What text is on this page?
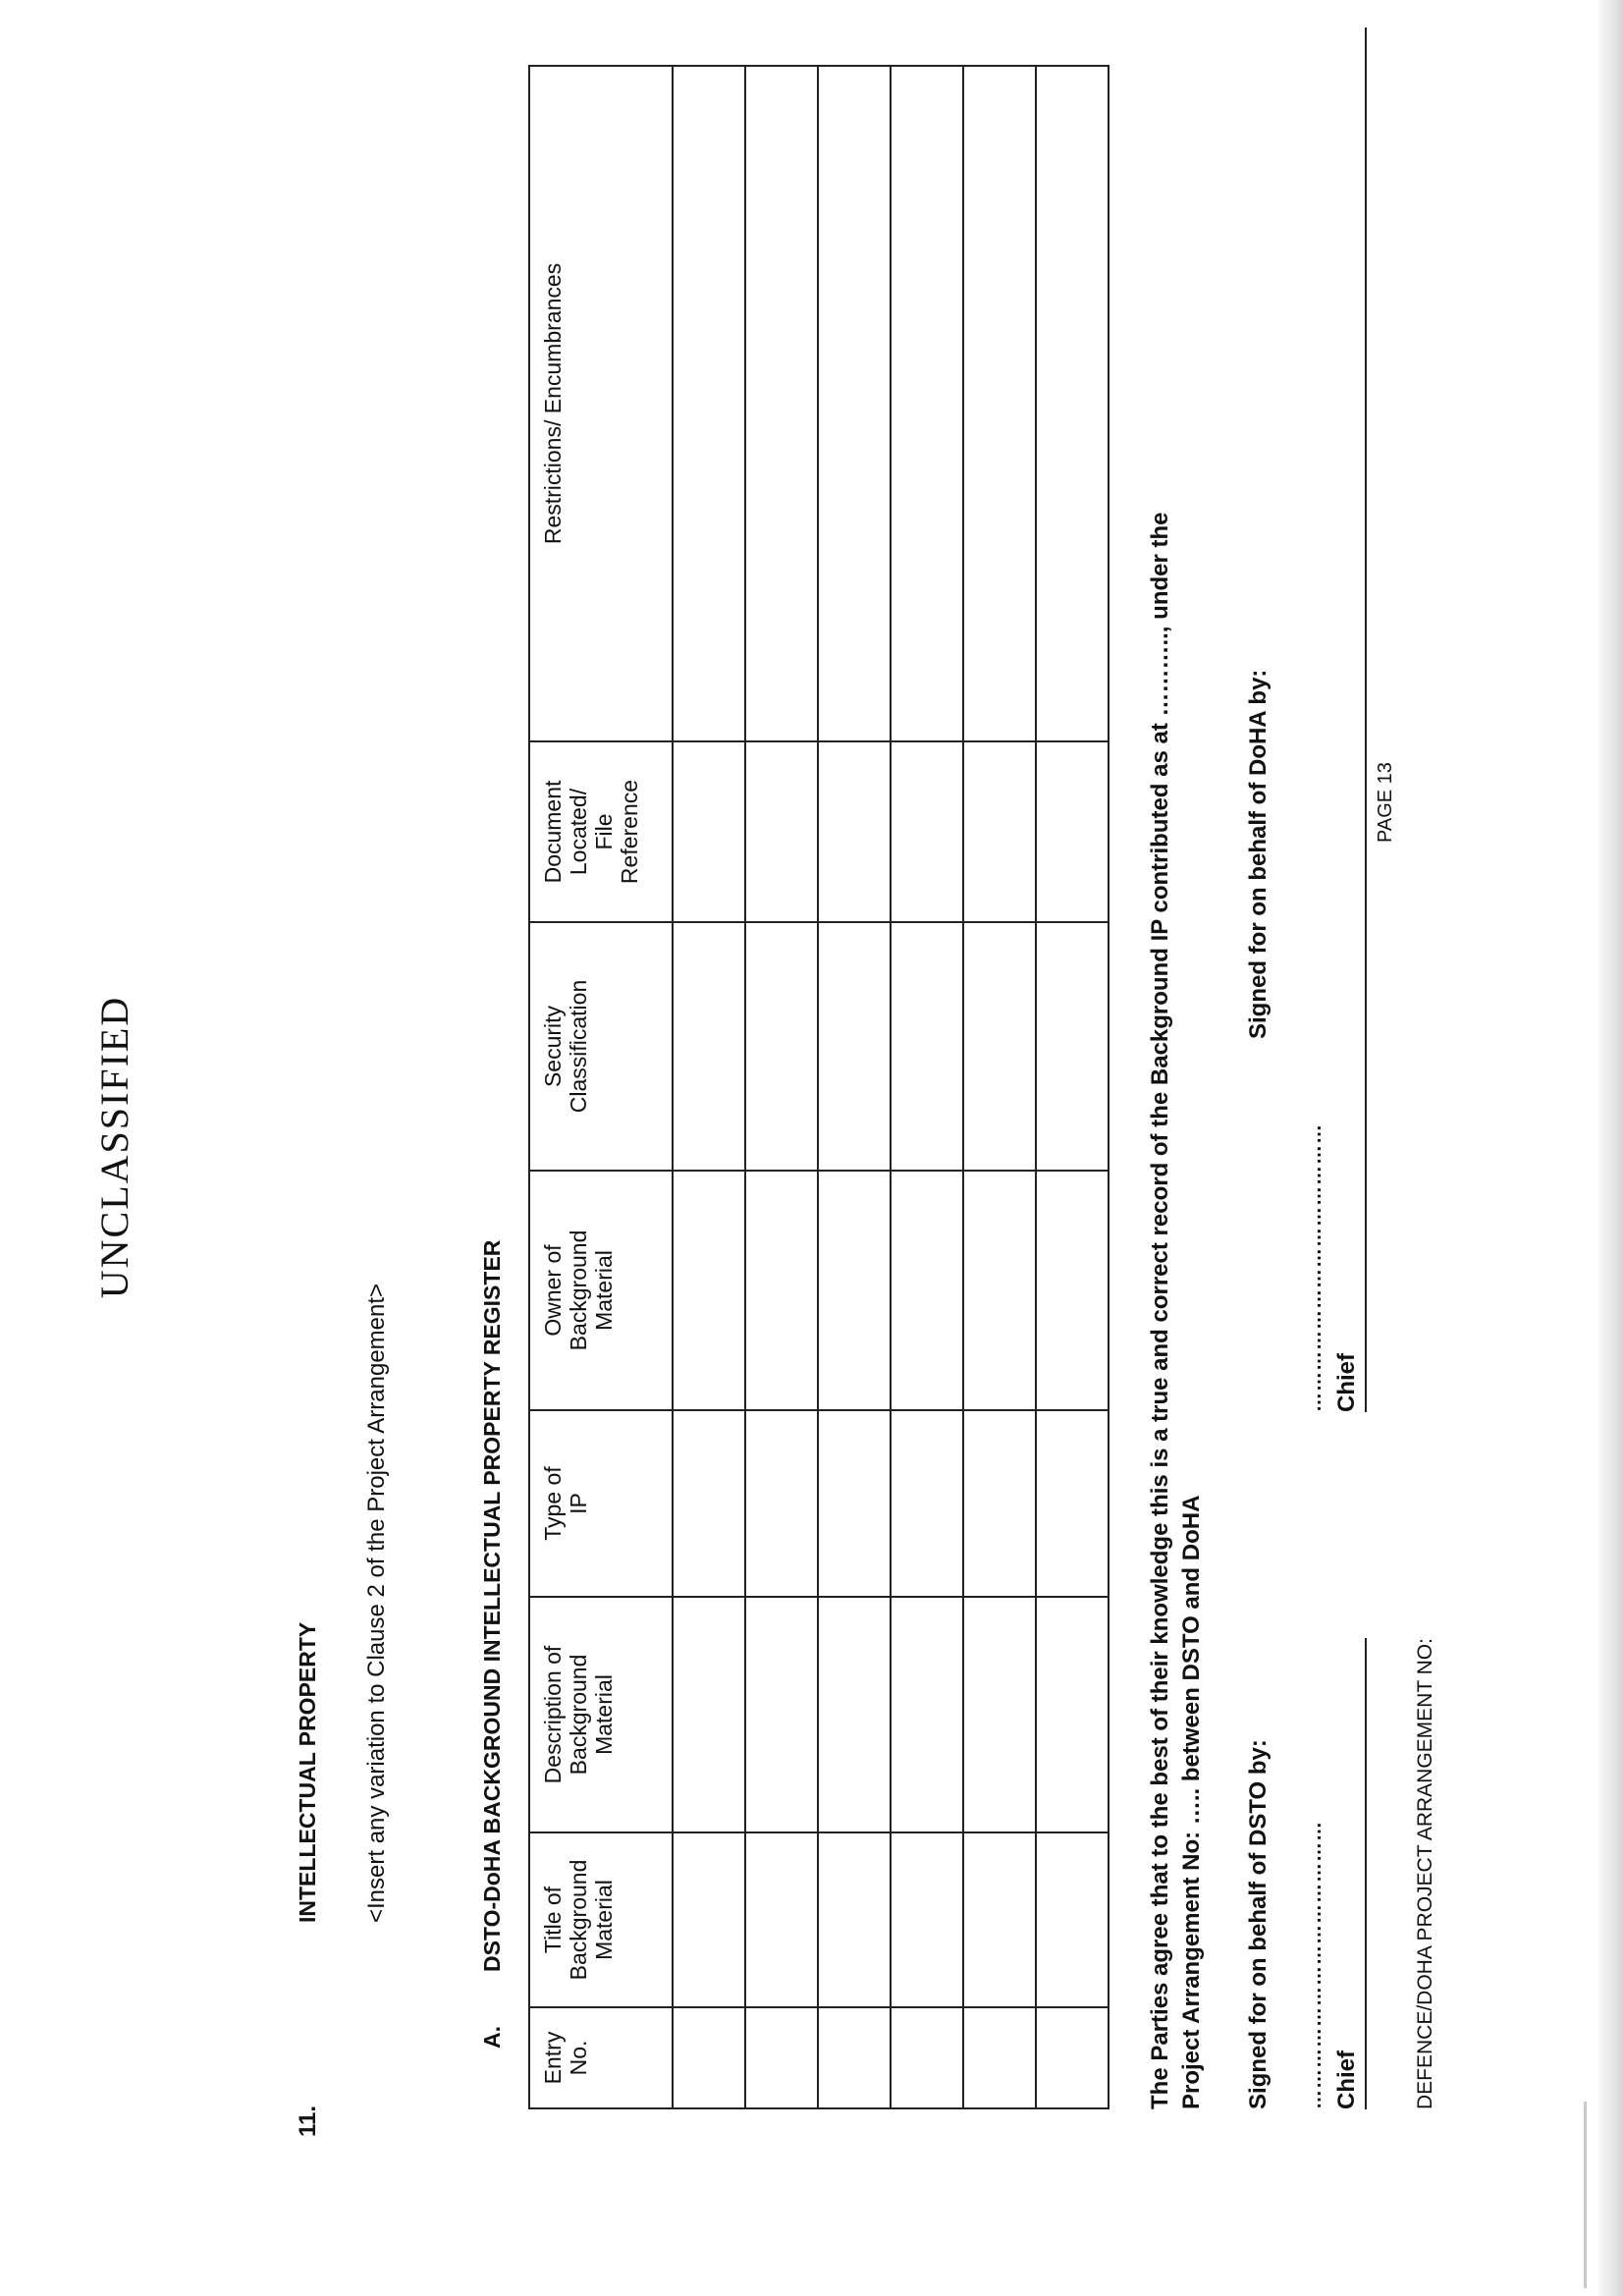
UNCLASSIFIED
11.
INTELLECTUAL PROPERTY <Insert any variation to Clause 2 of the Project Arrangement>
A.
DSTO-DoHA BACKGROUND INTELLECTUAL PROPERTY REGISTER
Entry No.	Title of Background Material	Description of Background Material	Type of IP	Owner of Background Material	Security Classification	Document Located/ File Reference	Restrictions/ Encumbrances

The Parties agree that to the best of their knowledge this is a true and correct record of the Background IP contributed as at ……….., under the Project Arrangement No: ….. between DSTO and DoHA Signed for on behalf of DSTO by:
Signed for on behalf of DoHA by:
……………………………………
……………………………………
Chief
Chief
DEFENCE/DOHA PROJECT ARRANGEMENT NO:
PAGE 13
